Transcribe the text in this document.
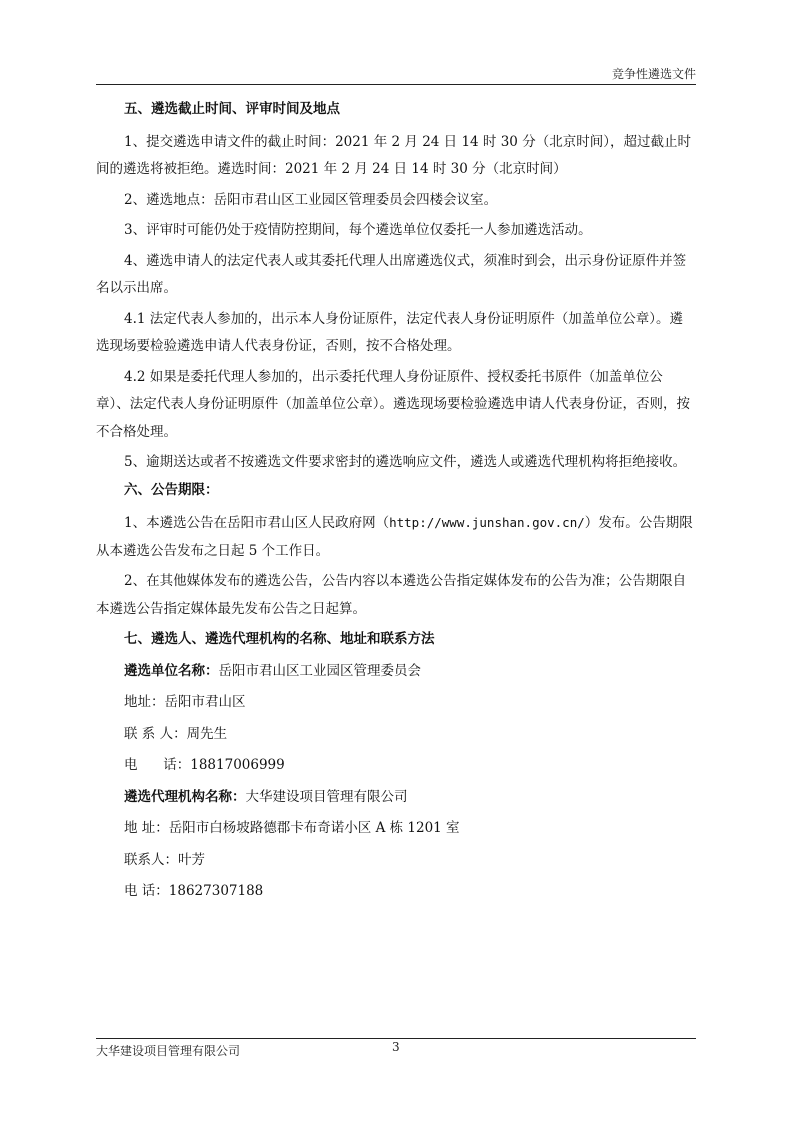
竞争性遴选文件

五、遴选截止时间、评审时间及地点

1、提交遴选申请文件的截止时间：2021 年 2 月 24 日 14 时 30 分（北京时间），超过截止时间的遴选将被拒绝。遴选时间：2021 年 2 月 24 日 14 时 30 分（北京时间）

2、遴选地点：岳阳市君山区工业园区管理委员会四楼会议室。

3、评审时可能仍处于疫情防控期间，每个遴选单位仅委托一人参加遴选活动。

4、遴选申请人的法定代表人或其委托代理人出席遴选仪式，须准时到会，出示身份证原件并签名以示出席。

4.1 法定代表人参加的，出示本人身份证原件，法定代表人身份证明原件（加盖单位公章）。遴选现场要检验遴选申请人代表身份证，否则，按不合格处理。

4.2 如果是委托代理人参加的，出示委托代理人身份证原件、授权委托书原件（加盖单位公章）、法定代表人身份证明原件（加盖单位公章）。遴选现场要检验遴选申请人代表身份证，否则，按不合格处理。

5、逾期送达或者不按遴选文件要求密封的遴选响应文件，遴选人或遴选代理机构将拒绝接收。

六、公告期限：

1、本遴选公告在岳阳市君山区人民政府网（http://www.junshan.gov.cn/）发布。公告期限从本遴选公告发布之日起 5 个工作日。

2、在其他媒体发布的遴选公告，公告内容以本遴选公告指定媒体发布的公告为准；公告期限自本遴选公告指定媒体最先发布公告之日起算。

七、遴选人、遴选代理机构的名称、地址和联系方法

遴选单位名称：岳阳市君山区工业园区管理委员会

地址：岳阳市君山区

联 系 人：周先生

电      话：18817006999

遴选代理机构名称：大华建设项目管理有限公司

地 址：岳阳市白杨坡路德郡卡布奇诺小区 A 栋 1201 室

联系人：叶芳

电 话：18627307188

大华建设项目管理有限公司	3
